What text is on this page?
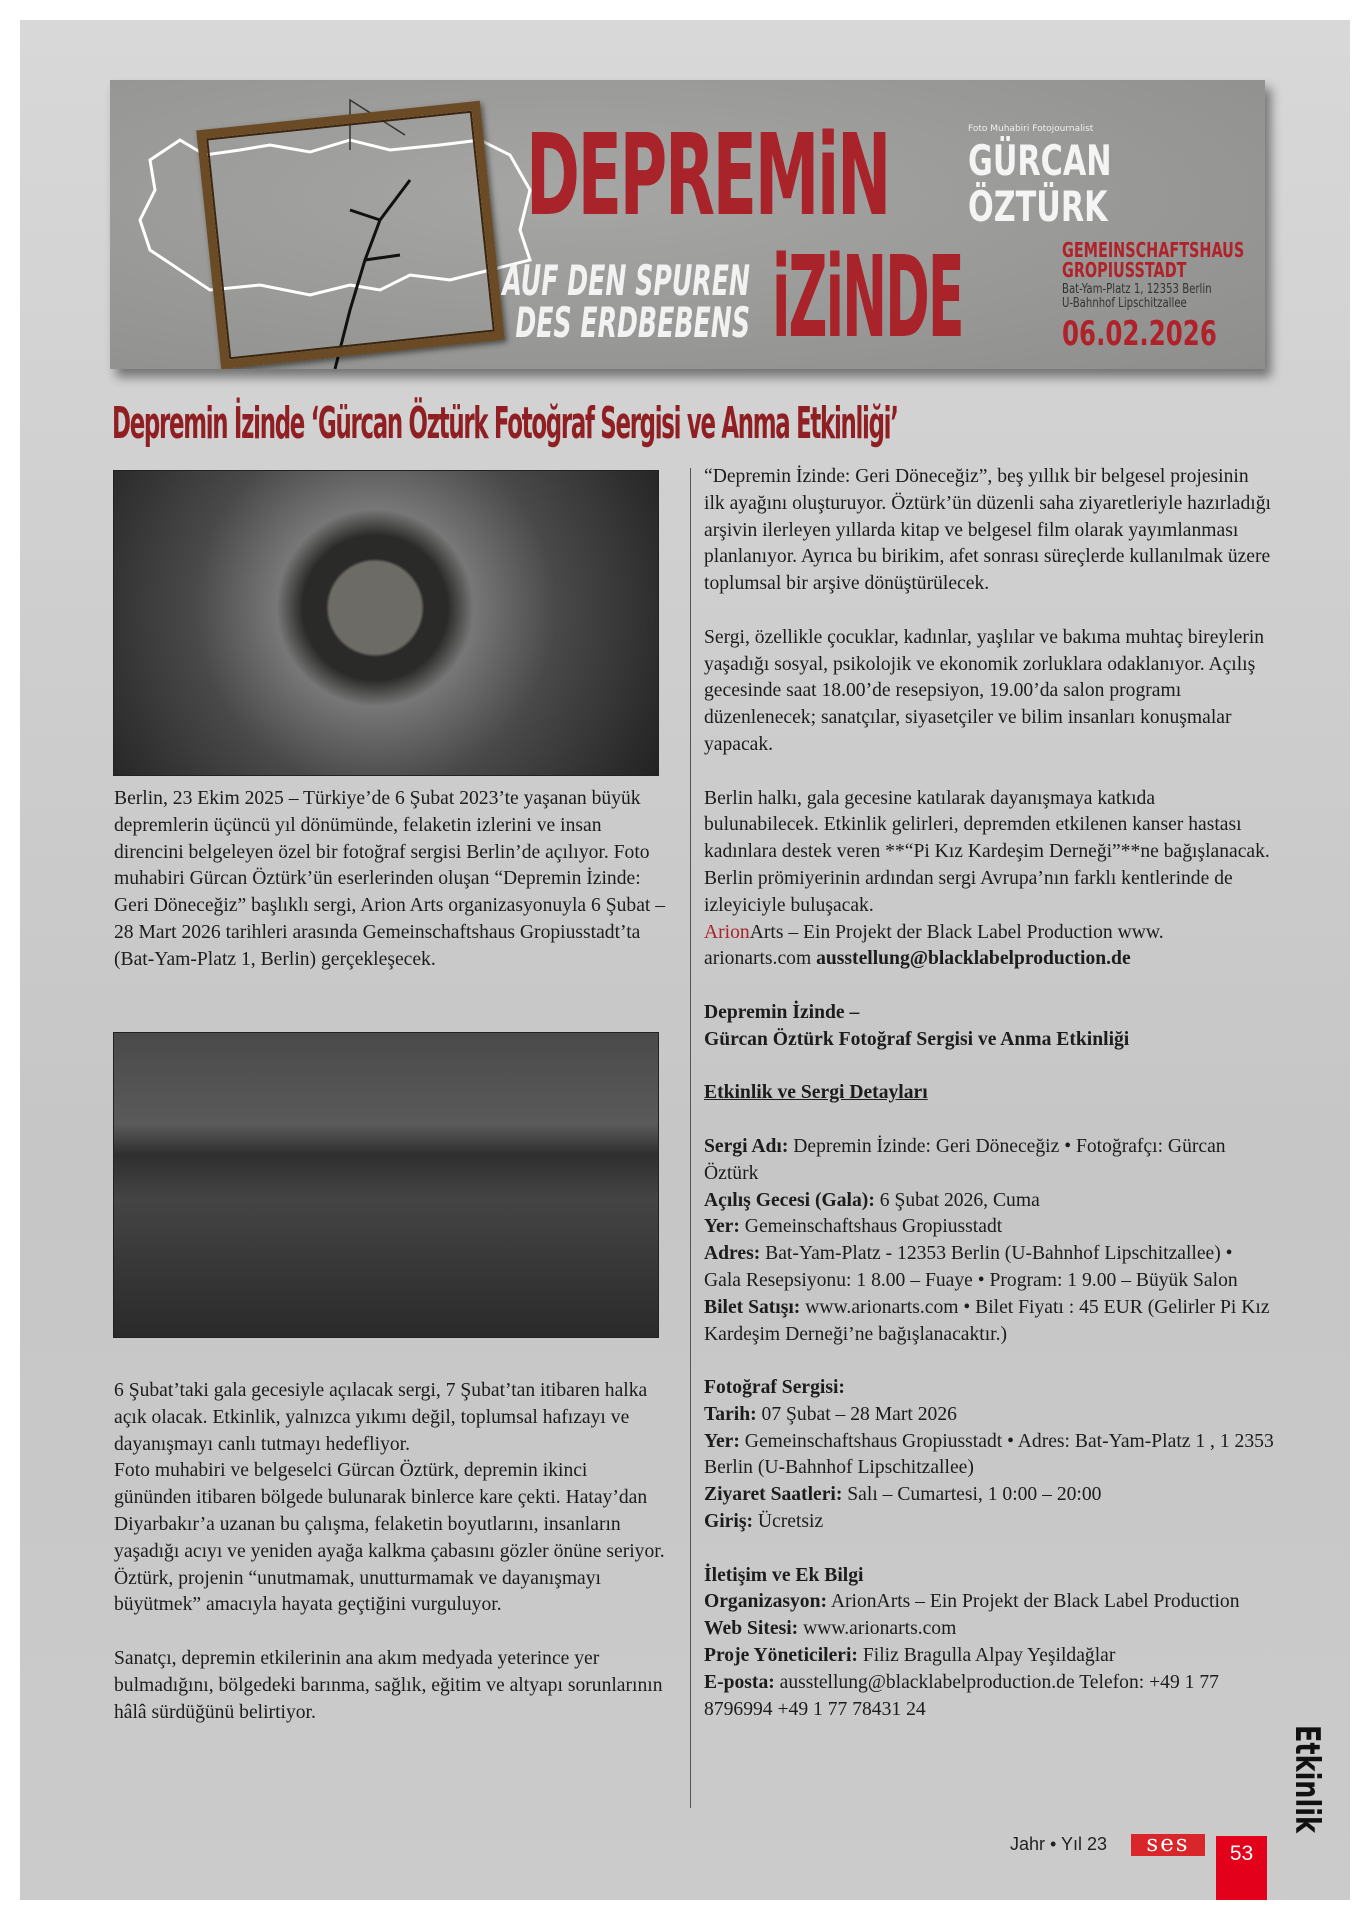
DEPREMiN
iZiNDE
AUF DEN SPUREN
DES ERDBEBENS
Foto Muhabiri Fotojournalist
GÜRCAN
ÖZTÜRK
GEMEINSCHAFTSHAUS
GROPIUSSTADT
Bat-Yam-Platz 1, 12353 Berlin
U-Bahnhof Lipschitzallee
06.02.2026
Depremin İzinde ‘Gürcan Öztürk Fotoğraf Sergisi ve Anma Etkinliği’

Berlin, 23 Ekim 2025 – Türkiye’de 6 Şubat 2023’te yaşanan büyük depremlerin üçüncü yıl dönümünde, felaketin izlerini ve insan direncini belgeleyen özel bir fotoğraf sergisi Berlin’de açılıyor. Foto muhabiri Gürcan Öztürk’ün eserlerinden oluşan “Depremin İzinde: Geri Döneceğiz” başlıklı sergi, Arion Arts organizasyonuyla 6 Şubat – 28 Mart 2026 tarihleri arasında Gemeinschaftshaus Gropiusstadt’ta (Bat-Yam-Platz 1, Berlin) gerçekleşecek.

6 Şubat’taki gala gecesiyle açılacak sergi, 7 Şubat’tan itibaren halka açık olacak. Etkinlik, yalnızca yıkımı değil, toplumsal hafızayı ve dayanışmayı canlı tutmayı hedefliyor.

Foto muhabiri ve belgeselci Gürcan Öztürk, depremin ikinci gününden itibaren bölgede bulunarak binlerce kare çekti. Hatay’dan Diyarbakır’a uzanan bu çalışma, felaketin boyutlarını, insanların yaşadığı acıyı ve yeniden ayağa kalkma çabasını gözler önüne seriyor. Öztürk, projenin “unutmamak, unutturmamak ve dayanışmayı büyütmek” amacıyla hayata geçtiğini vurguluyor.

Sanatçı, depremin etkilerinin ana akım medyada yeterince yer bulmadığını, bölgedeki barınma, sağlık, eğitim ve altyapı sorunlarının hâlâ sürdüğünü belirtiyor.

“Depremin İzinde: Geri Döneceğiz”, beş yıllık bir belgesel projesinin ilk ayağını oluşturuyor. Öztürk’ün düzenli saha ziyaretleriyle hazırladığı arşivin ilerleyen yıllarda kitap ve belgesel film olarak yayımlanması planlanıyor. Ayrıca bu birikim, afet sonrası süreçlerde kullanılmak üzere toplumsal bir arşive dönüştürülecek.

Sergi, özellikle çocuklar, kadınlar, yaşlılar ve bakıma muhtaç bireylerin yaşadığı sosyal, psikolojik ve ekonomik zorluklara odaklanıyor. Açılış gecesinde saat 18.00’de resepsiyon, 19.00’da salon programı düzenlenecek; sanatçılar, siyasetçiler ve bilim insanları konuşmalar yapacak.

Berlin halkı, gala gecesine katılarak dayanışmaya katkıda bulunabilecek. Etkinlik gelirleri, depremden etkilenen kanser hastası kadınlara destek veren **“Pi Kız Kardeşim Derneği”**ne bağışlanacak. Berlin prömiyerinin ardından sergi Avrupa’nın farklı kentlerinde de izleyiciyle buluşacak.

ArionArts – Ein Projekt der Black Label Production www. arionarts.com ausstellung@blacklabelproduction.de

Depremin İzinde –
Gürcan Öztürk Fotoğraf Sergisi ve Anma Etkinliği

Etkinlik ve Sergi Detayları

Sergi Adı: Depremin İzinde: Geri Döneceğiz • Fotoğrafçı: Gürcan Öztürk
Açılış Gecesi (Gala): 6 Şubat 2026, Cuma
Yer: Gemeinschaftshaus Gropiusstadt
Adres: Bat-Yam-Platz - 12353 Berlin (U-Bahnhof Lipschitzallee) • Gala Resepsiyonu: 1 8.00 – Fuaye • Program: 1 9.00 – Büyük Salon
Bilet Satışı: www.arionarts.com • Bilet Fiyatı : 45 EUR (Gelirler Pi Kız Kardeşim Derneği’ne bağışlanacaktır.)
Fotoğraf Sergisi:
Tarih: 07 Şubat – 28 Mart 2026
Yer: Gemeinschaftshaus Gropiusstadt • Adres: Bat-Yam-Platz 1 , 1 2353 Berlin (U-Bahnhof Lipschitzallee)
Ziyaret Saatleri: Salı – Cumartesi, 1 0:00 – 20:00
Giriş: Ücretsiz
İletişim ve Ek Bilgi
Organizasyon: ArionArts – Ein Projekt der Black Label Production
Web Sitesi: www.arionarts.com
Proje Yöneticileri: Filiz Bragulla Alpay Yeşildağlar
E-posta: ausstellung@blacklabelproduction.de Telefon: +49 1 77 8796994 +49 1 77 78431 24
Etkinlik
Jahr • Yıl 23	ses	53
